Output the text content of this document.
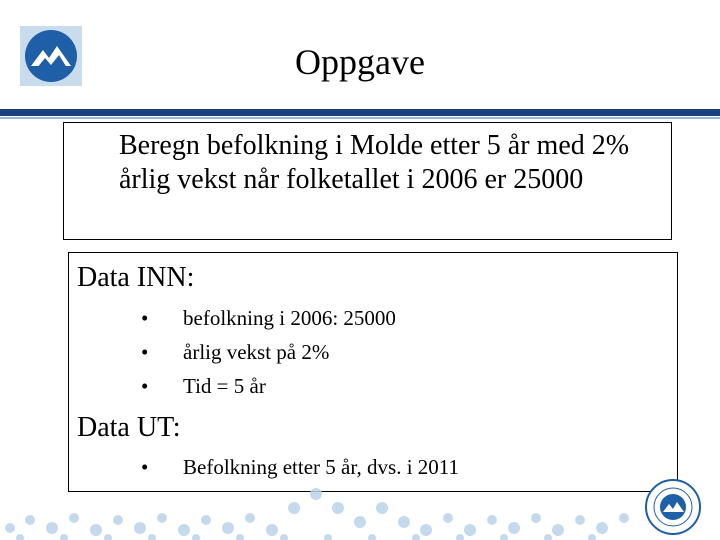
Oppgave
Beregn befolkning i Molde etter 5 år med 2% årlig vekst når folketallet i 2006 er 25000
Data INN:
•	befolkning i 2006: 25000
•	årlig vekst på 2%
•	Tid = 5 år
Data UT:
•	Befolkning etter 5 år, dvs. i 2011
